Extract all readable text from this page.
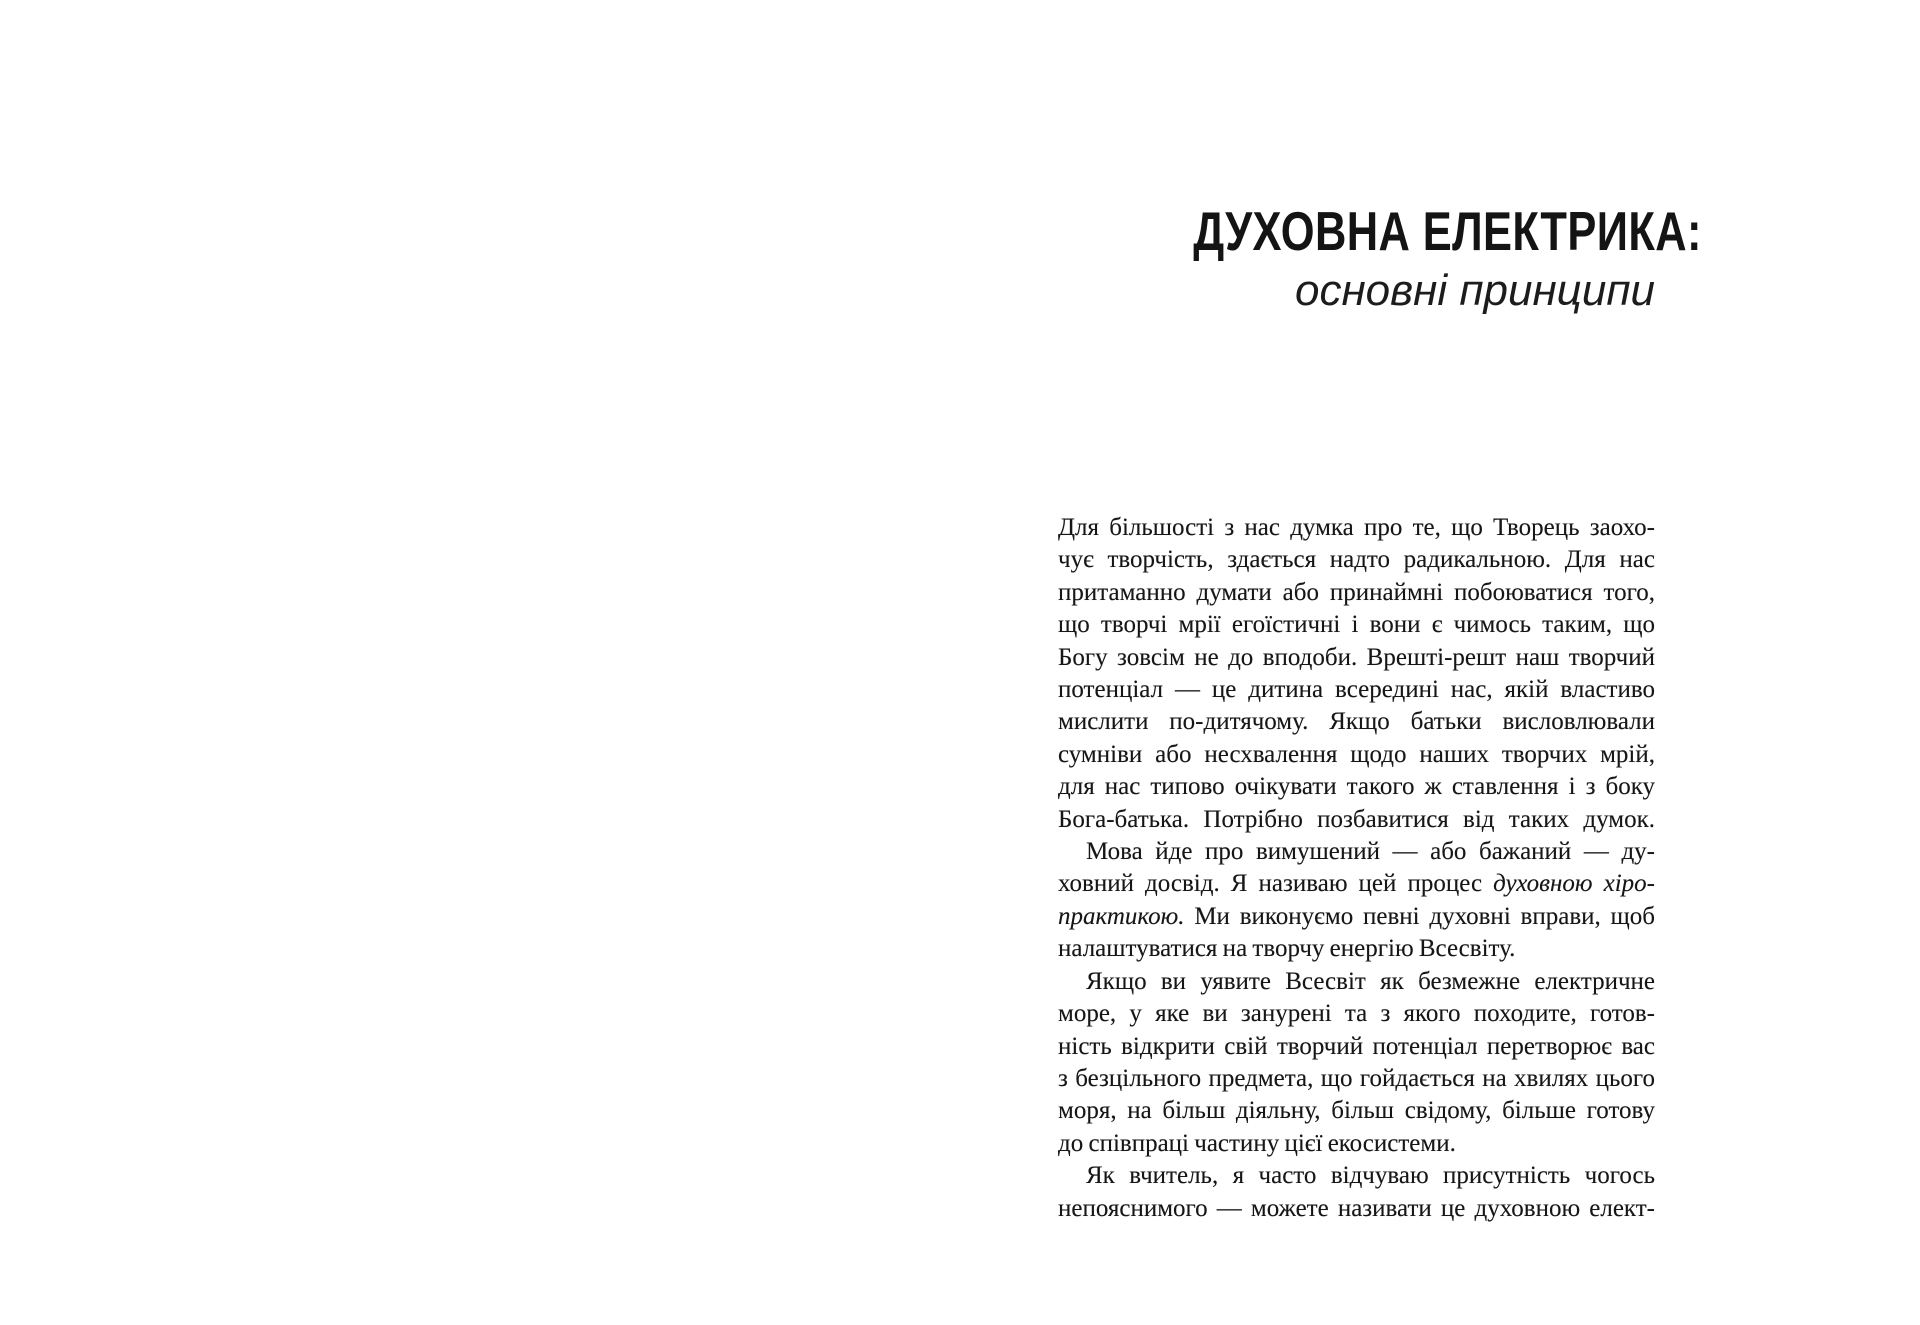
ДУХОВНА ЕЛЕКТРИКА:
основні принципи
Для більшості з нас думка про те, що Творець заохо-
чує творчість, здається надто радикальною. Для нас
притаманно думати або принаймні побоюватися того,
що творчі мрії егоїстичні і вони є чимось таким, що
Богу зовсім не до вподоби. Врешті-решт наш творчий
потенціал — це дитина всередині нас, якій властиво
мислити по-дитячому. Якщо батьки висловлювали
сумніви або несхвалення щодо наших творчих мрій,
для нас типово очікувати такого ж ставлення і з боку
Бога-батька. Потрібно позбавитися від таких думок.
Мова йде про вимушений — або бажаний — ду-
ховний досвід. Я називаю цей процес духовною хіро-
практикою. Ми виконуємо певні духовні вправи, щоб
налаштуватися на творчу енергію Всесвіту.
Якщо ви уявите Всесвіт як безмежне електричне
море, у яке ви занурені та з якого походите, готов-
ність відкрити свій творчий потенціал перетворює вас
з безцільного предмета, що гойдається на хвилях цього
моря, на більш діяльну, більш свідому, більше готову
до співпраці частину цієї екосистеми.
Як вчитель, я часто відчуваю присутність чогось
непояснимого — можете називати це духовною елект-
